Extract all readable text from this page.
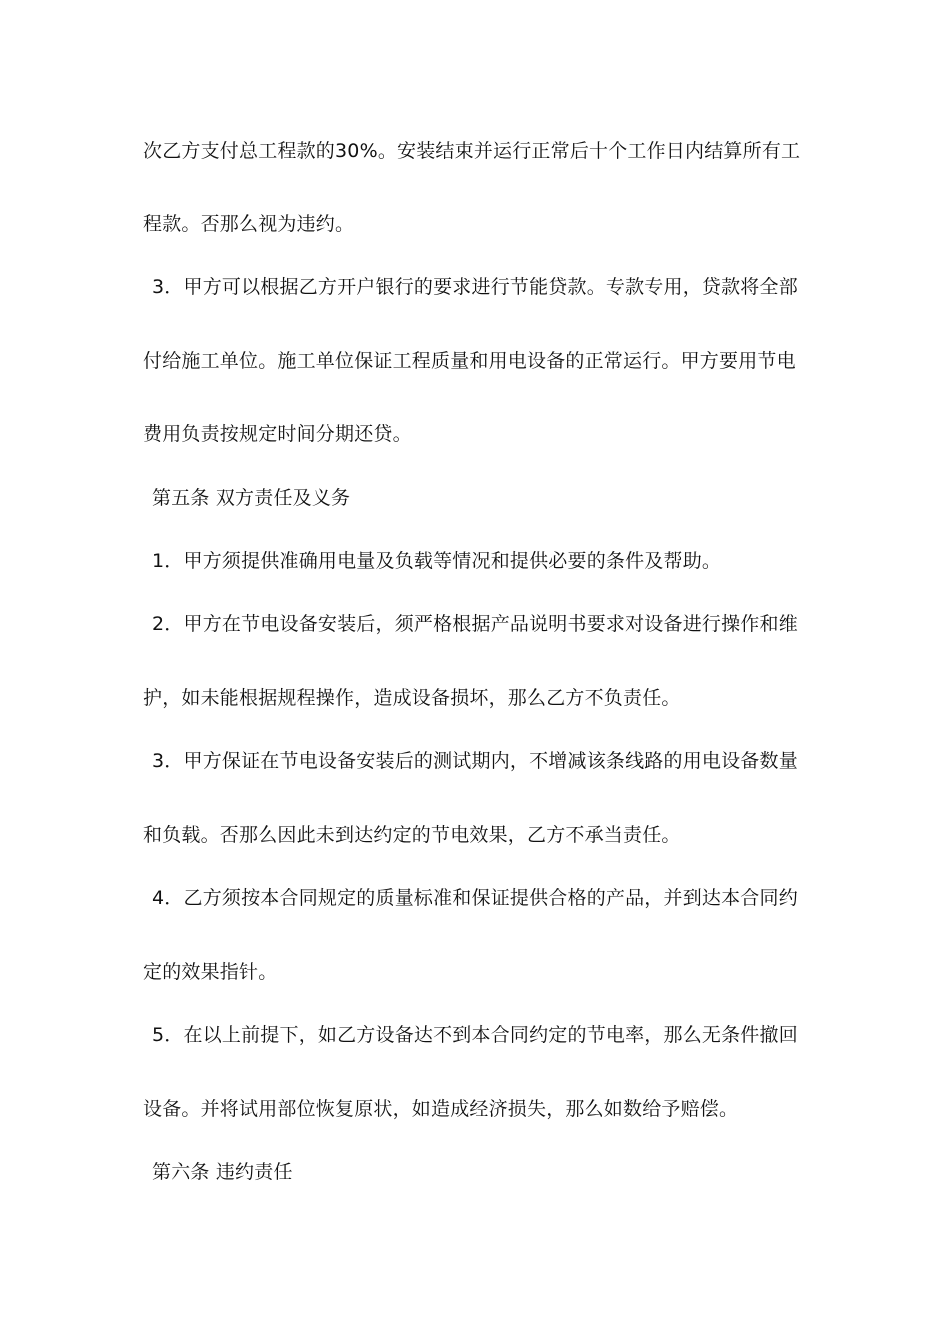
次乙方支付总工程款的30%。安装结束并运行正常后十个工作日内结算所有工
程款。否那么视为违约。
3．甲方可以根据乙方开户银行的要求进行节能贷款。专款专用，贷款将全部
付给施工单位。施工单位保证工程质量和用电设备的正常运行。甲方要用节电
费用负责按规定时间分期还贷。
第五条 双方责任及义务
1．甲方须提供准确用电量及负载等情况和提供必要的条件及帮助。
2．甲方在节电设备安装后，须严格根据产品说明书要求对设备进行操作和维
护，如未能根据规程操作，造成设备损坏，那么乙方不负责任。
3．甲方保证在节电设备安装后的测试期内，不增减该条线路的用电设备数量
和负载。否那么因此未到达约定的节电效果，乙方不承当责任。
4．乙方须按本合同规定的质量标准和保证提供合格的产品，并到达本合同约
定的效果指针。
5．在以上前提下，如乙方设备达不到本合同约定的节电率，那么无条件撤回
设备。并将试用部位恢复原状，如造成经济损失，那么如数给予赔偿。
第六条 违约责任
